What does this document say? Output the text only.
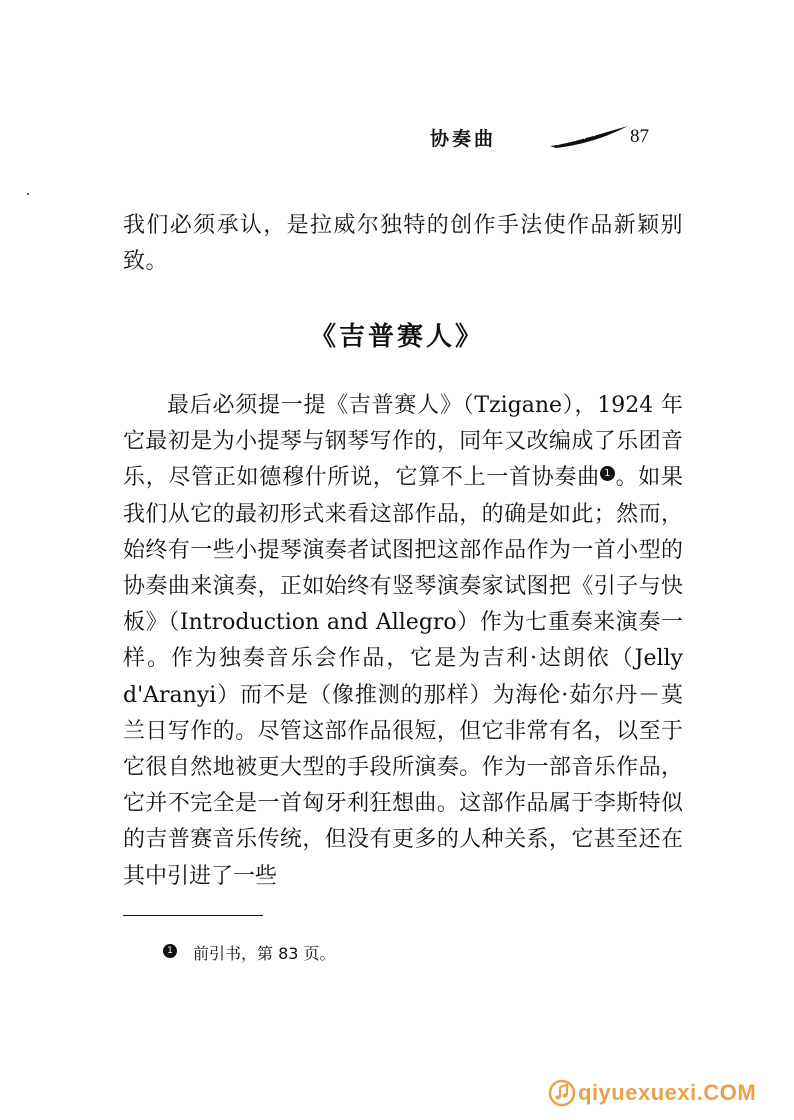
协奏曲	87

我们必须承认，是拉威尔独特的创作手法使作品新颖别致。

《吉普赛人》

最后必须提一提《吉普赛人》（Tzigane），1924 年它最初是为小提琴与钢琴写作的，同年又改编成了乐团音乐，尽管正如德穆什所说，它算不上一首协奏曲 1 。如果我们从它的最初形式来看这部作品，的确是如此；然而，始终有一些小提琴演奏者试图把这部作品作为一首小型的协奏曲来演奏，正如始终有竖琴演奏家试图把《引子与快板》（Introduction and Allegro）作为七重奏来演奏一样。作为独奏音乐会作品，它是为吉利·达朗依（Jelly d'Aranyi）而不是（像推测的那样）为海伦·茹尔丹－莫兰日写作的。尽管这部作品很短，但它非常有名，以至于它很自然地被更大型的手段所演奏。作为一部音乐作品，它并不完全是一首匈牙利狂想曲。这部作品属于李斯特似的吉普赛音乐传统，但没有更多的人种关系，它甚至还在其中引进了一些

1 前引书，第 83 页。
qiyuexuexi.COM
